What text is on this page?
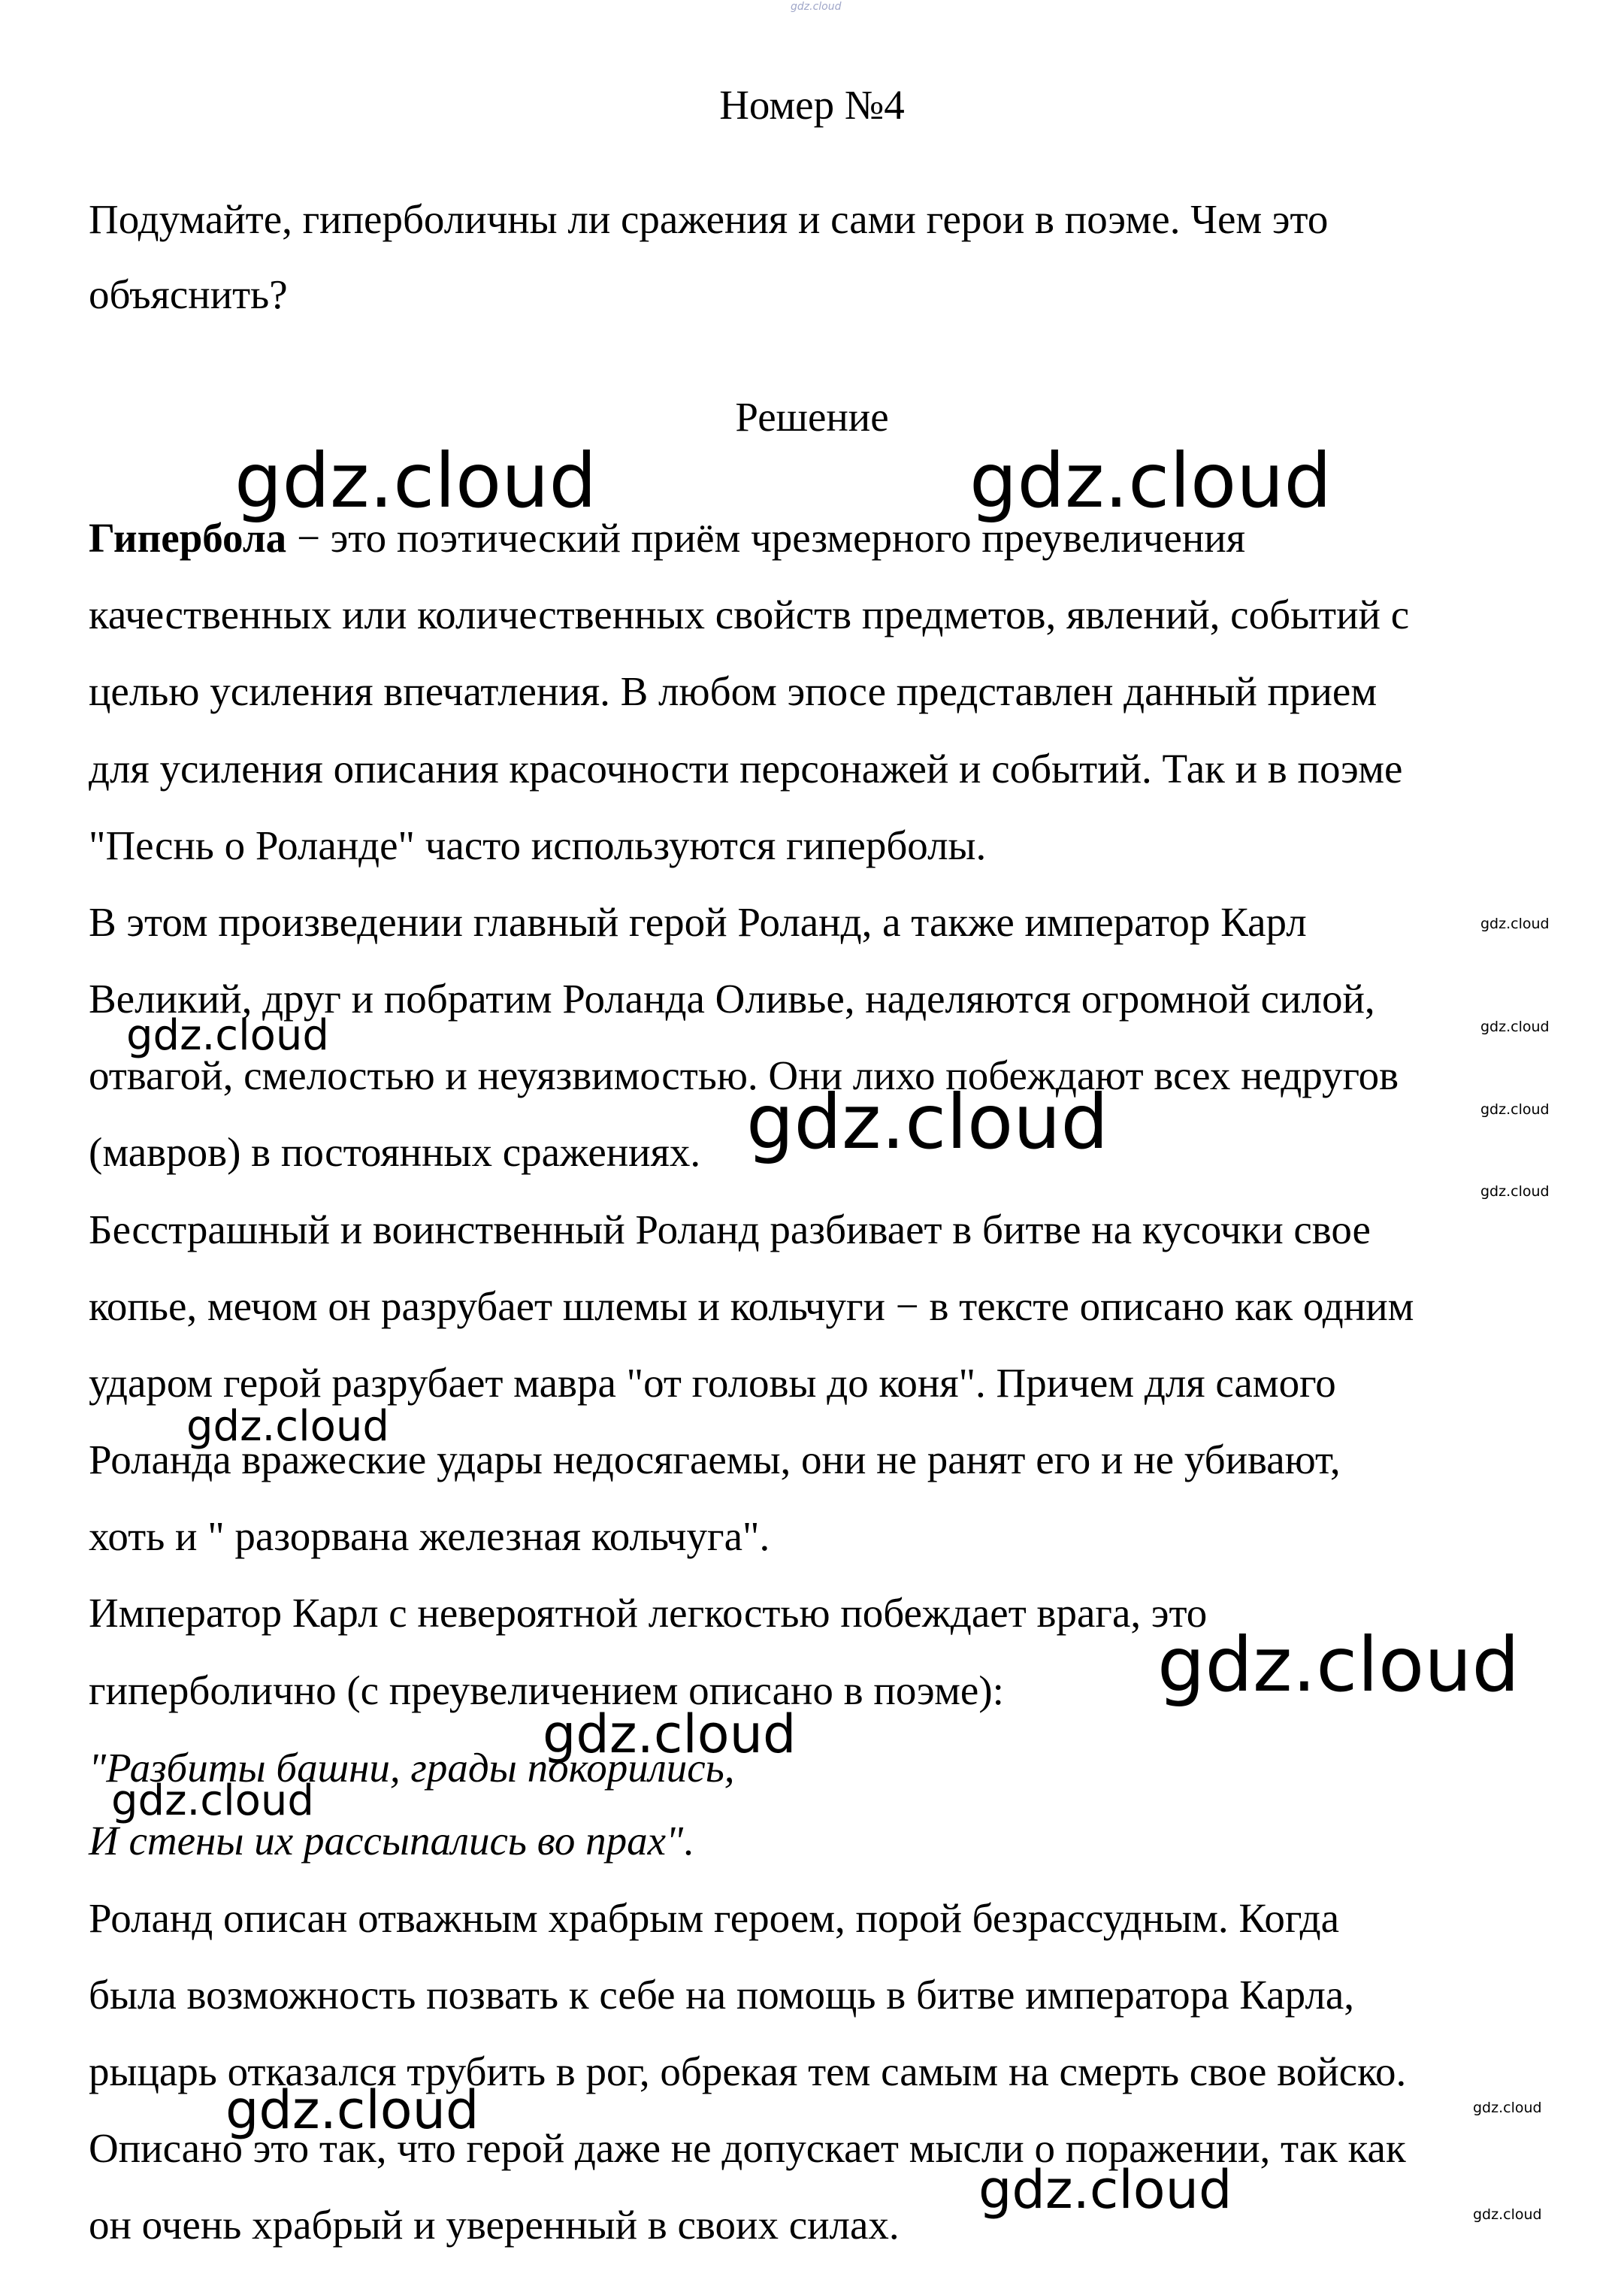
gdz.cloud
Номер №4
Подумайте, гиперболичны ли сражения и сами герои в поэме. Чем это
объяснить?
Решение
Гипербола − это поэтический приём чрезмерного преувеличения
качественных или количественных свойств предметов, явлений, событий с
целью усиления впечатления. В любом эпосе представлен данный прием
для усиления описания красочности персонажей и событий. Так и в поэме
"Песнь о Роланде" часто используются гиперболы.
В этом произведении главный герой Роланд, а также император Карл
Великий, друг и побратим Роланда Оливье, наделяются огромной силой,
отвагой, смелостью и неуязвимостью. Они лихо побеждают всех недругов
(мавров) в постоянных сражениях.
Бесстрашный и воинственный Роланд разбивает в битве на кусочки свое
копье, мечом он разрубает шлемы и кольчуги − в тексте описано как одним
ударом герой разрубает мавра "от головы до коня". Причем для самого
Роланда вражеские удары недосягаемы, они не ранят его и не убивают,
хоть и " разорвана железная кольчуга".
Император Карл с невероятной легкостью побеждает врага, это
гиперболично (с преувеличением описано в поэме):
"Разбиты башни, грады покорились,
И стены их рассыпались во прах".
Роланд описан отважным храбрым героем, порой безрассудным. Когда
была возможность позвать к себе на помощь в битве императора Карла,
рыцарь отказался трубить в рог, обрекая тем самым на смерть свое войско.
Описано это так, что герой даже не допускает мысли о поражении, так как
он очень храбрый и уверенный в своих силах.
gdz.cloud	gdz.cloud
gdz.cloud
gdz.cloud	gdz.cloud
gdz.cloud
gdz.cloud
gdz.cloud
gdz.cloud
gdz.cloud
gdz.cloud
gdz.cloud
gdz.cloud
gdz.cloud
gdz.cloud	gdz.cloud
